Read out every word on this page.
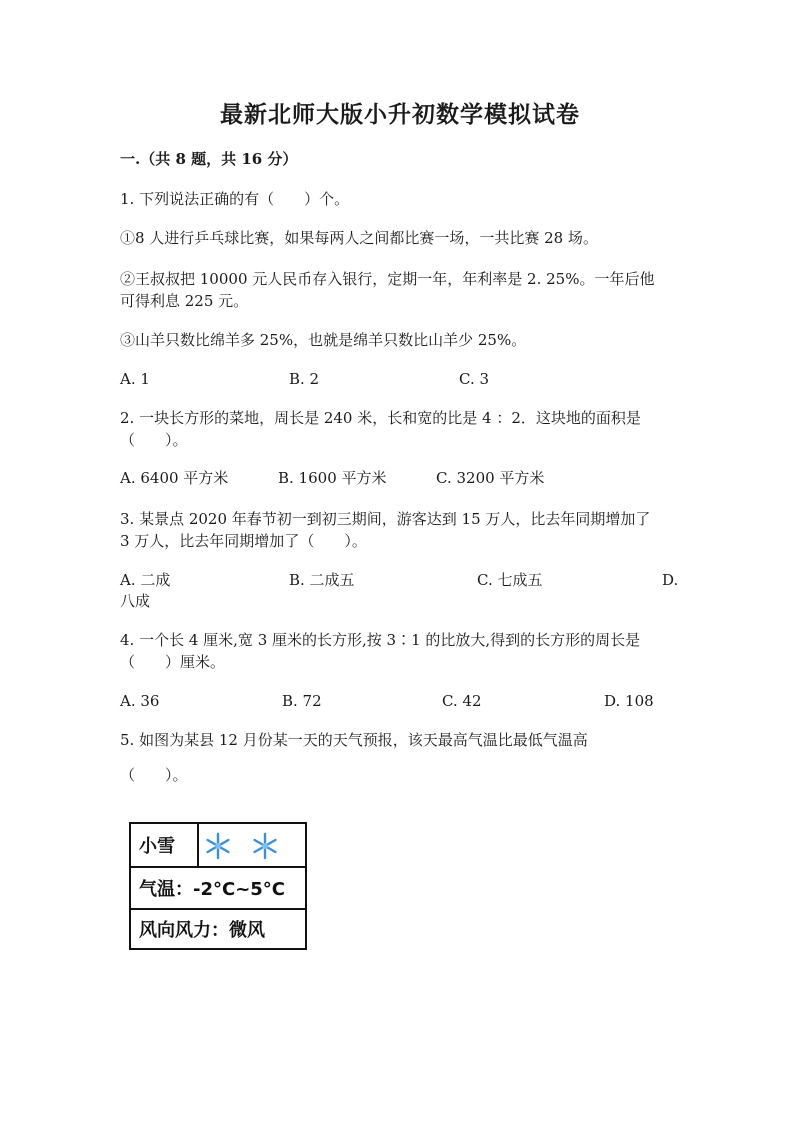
最新北师大版小升初数学模拟试卷
一.（共 8 题，共 16 分）
1. 下列说法正确的有（　　）个。
①8 人进行乒乓球比赛，如果每两人之间都比赛一场，一共比赛 28 场。
②王叔叔把 10000 元人民币存入银行，定期一年，年利率是 2. 25%。一年后他
可得利息 225 元。
③山羊只数比绵羊多 25%，也就是绵羊只数比山羊少 25%。
A. 1	B. 2	C. 3
2. 一块长方形的菜地，周长是 240 米，长和宽的比是 4 ：2．这块地的面积是
（　　）。
A. 6400 平方米	B. 1600 平方米	C. 3200 平方米
3. 某景点 2020 年春节初一到初三期间，游客达到 15 万人，比去年同期增加了
3 万人，比去年同期增加了（　　）。
A. 二成	B. 二成五	C. 七成五	D.
八成
4. 一个长 4 厘米,宽 3 厘米的长方形,按 3∶1 的比放大,得到的长方形的周长是
（　　）厘米。
A. 36	B. 72	C. 42	D. 108
5. 如图为某县 12 月份某一天的天气预报，该天最高气温比最低气温高
（　　）。
小雪
气温：-2°C~5°C
风向风力：微风
